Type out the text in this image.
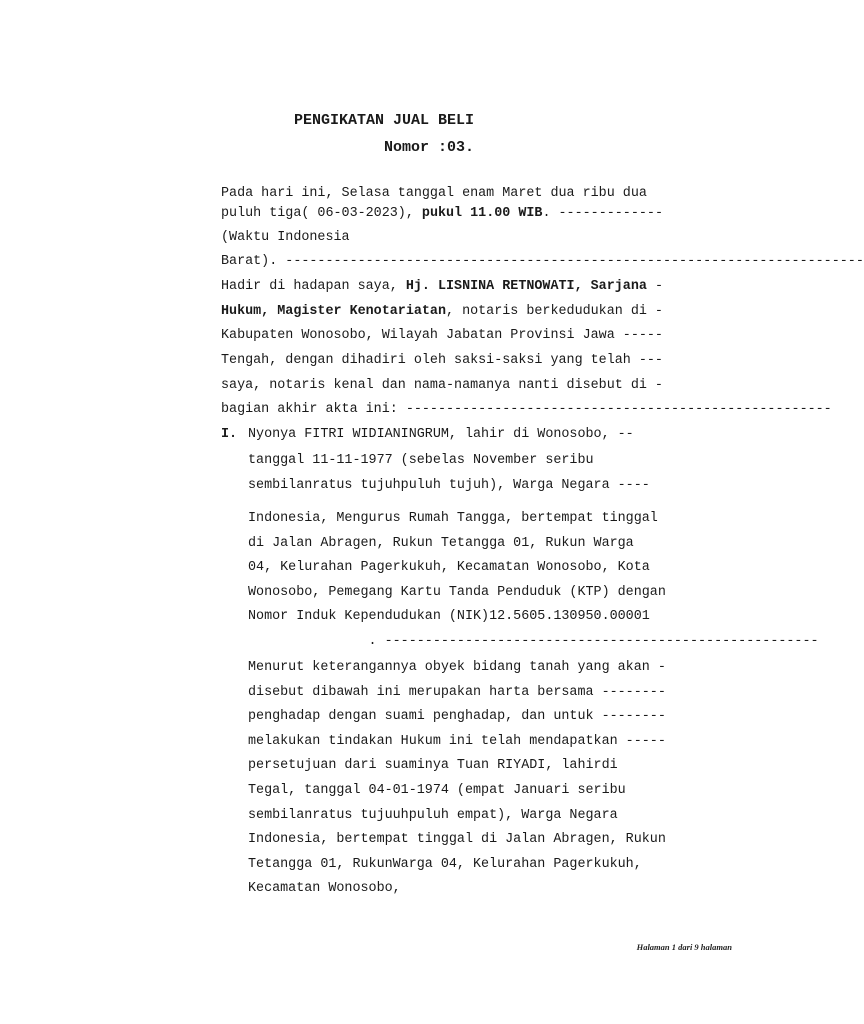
PENGIKATAN JUAL BELI
Nomor :03.
Pada hari ini, Selasa tanggal enam Maret dua ribu dua
puluh tiga( 06-03-2023), pukul 11.00 WIB. -------------
(Waktu Indonesia
Barat). ------------------------------------------------------------------------
Hadir di hadapan saya, Hj. LISNINA RETNOWATI, Sarjana -
Hukum, Magister Kenotariatan, notaris berkedudukan di -
Kabupaten Wonosobo, Wilayah Jabatan Provinsi Jawa -----
Tengah, dengan dihadiri oleh saksi-saksi yang telah ---
saya, notaris kenal dan nama-namanya nanti disebut di -
bagian akhir akta ini: -----------------------------------------------------
I. Nyonya FITRI WIDIANINGRUM, lahir di Wonosobo, --
tanggal 11-11-1977 (sebelas November seribu
sembilanratus tujuhpuluh tujuh), Warga Negara ----
Indonesia, Mengurus Rumah Tangga, bertempat tinggal
di Jalan Abragen, Rukun Tetangga 01, Rukun Warga
04, Kelurahan Pagerkukuh, Kecamatan Wonosobo, Kota
Wonosobo, Pemegang Kartu Tanda Penduduk (KTP) dengan
Nomor Induk Kependudukan (NIK)12.5605.130950.00001
. ------------------------------------------------------
Menurut keterangannya obyek bidang tanah yang akan -
disebut dibawah ini merupakan harta bersama --------
penghadap dengan suami penghadap, dan untuk --------
melakukan tindakan Hukum ini telah mendapatkan -----
persetujuan dari suaminya Tuan RIYADI, lahirdi
Tegal, tanggal 04-01-1974 (empat Januari seribu
sembilanratus tujuuhpuluh empat), Warga Negara
Indonesia, bertempat tinggal di Jalan Abragen, Rukun
Tetangga 01, RukunWarga 04, Kelurahan Pagerkukuh,
Kecamatan Wonosobo,
Halaman 1 dari 9 halaman
